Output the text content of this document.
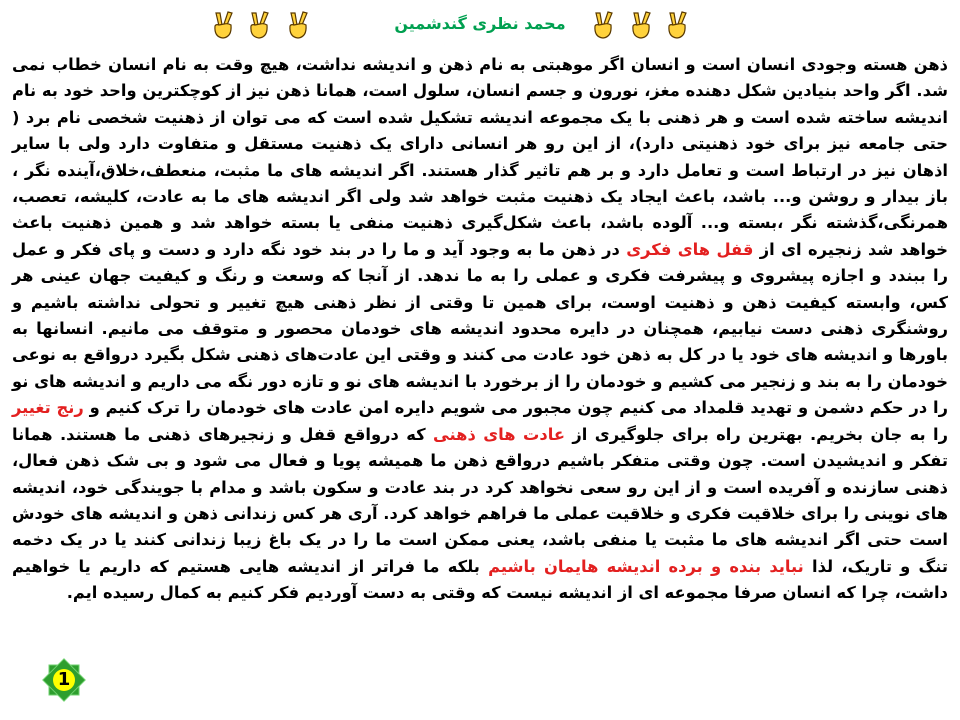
محمد نظری گندشمین
ذهن هسته وجودی انسان است و انسان اگر موهبتی به نام ذهن و اندیشه نداشت، هیچ وقت به نام انسان خطاب نمی شد. اگر واحد بنیادین شکل دهنده مغز، نورون و جسم انسان، سلول است، همانا ذهن نیز از کوچکترین واحد خود به نام اندیشه ساخته شده است و هر ذهنی با یک مجموعه اندیشه تشکیل شده است که می توان از ذهنیت شخصی نام برد ( حتی جامعه نیز برای خود ذهنیتی دارد)، از این رو هر انسانی دارای یک ذهنیت مستقل و متفاوت دارد ولی با سایر اذهان نیز در ارتباط است و تعامل دارد و بر هم تاثیر گذار هستند. اگر اندیشه های ما مثبت، منعطف،خلاق،آینده نگر ، باز بیدار و روشن و... باشد، باعث ایجاد یک ذهنیت مثبت خواهد شد ولی اگر اندیشه های ما به عادت، کلیشه، تعصب، همرنگی،گذشته نگر ،بسته و... آلوده باشد، باعث شکل‌گیری ذهنیت منفی یا بسته خواهد شد و همین ذهنیت باعث خواهد شد زنجیره ای از قفل های فکری در ذهن ما به وجود آید و ما را در بند خود نگه دارد و دست و پای فکر و عمل را ببندد و اجازه پیشروی و پیشرفت فکری و عملی را به ما ندهد. از آنجا که وسعت و رنگ و کیفیت جهان عینی هر کس، وابسته کیفیت ذهن و ذهنیت اوست، برای همین تا وقتی از نظر ذهنی هیچ تغییر و تحولی نداشته باشیم و روشنگری ذهنی دست نیابیم، همچنان در دایره محدود اندیشه های خودمان محصور و متوقف می مانیم. انسانها به باورها و اندیشه های خود یا در کل به ذهن خود عادت می کنند و وقتی این عادت‌های ذهنی شکل بگیرد درواقع به نوعی خودمان را به بند و زنجیر می کشیم و خودمان را از برخورد با اندیشه های نو و تازه دور نگه می داریم و اندیشه های نو را در حکم دشمن و تهدید قلمداد می کنیم چون مجبور می شویم دایره امن عادت های خودمان را ترک کنیم و رنج تغییر را به جان بخریم. بهترین راه برای جلوگیری از عادت های ذهنی که درواقع قفل و زنجیرهای ذهنی ما هستند. همانا تفکر و اندیشیدن است. چون وقتی متفکر باشیم درواقع ذهن ما همیشه پویا و فعال می شود و بی شک ذهن فعال، ذهنی سازنده و آفریده است و از این رو سعی نخواهد کرد در بند عادت و سکون باشد و مدام با جویندگی خود، اندیشه های نوینی را برای خلاقیت فکری و خلاقیت عملی ما فراهم خواهد کرد. آری هر کس زندانی ذهن و اندیشه های خودش است حتی اگر اندیشه های ما مثبت یا منفی باشد، یعنی ممکن است ما را در یک باغ زیبا زندانی کنند یا در یک دخمه تنگ و تاریک، لذا نباید بنده و برده اندیشه هایمان باشیم بلکه ما فراتر از اندیشه هایی هستیم که داریم یا خواهیم داشت، چرا که انسان صرفا مجموعه ای از اندیشه نیست که وقتی به دست آوردیم فکر کنیم به کمال رسیده ایم.
1
